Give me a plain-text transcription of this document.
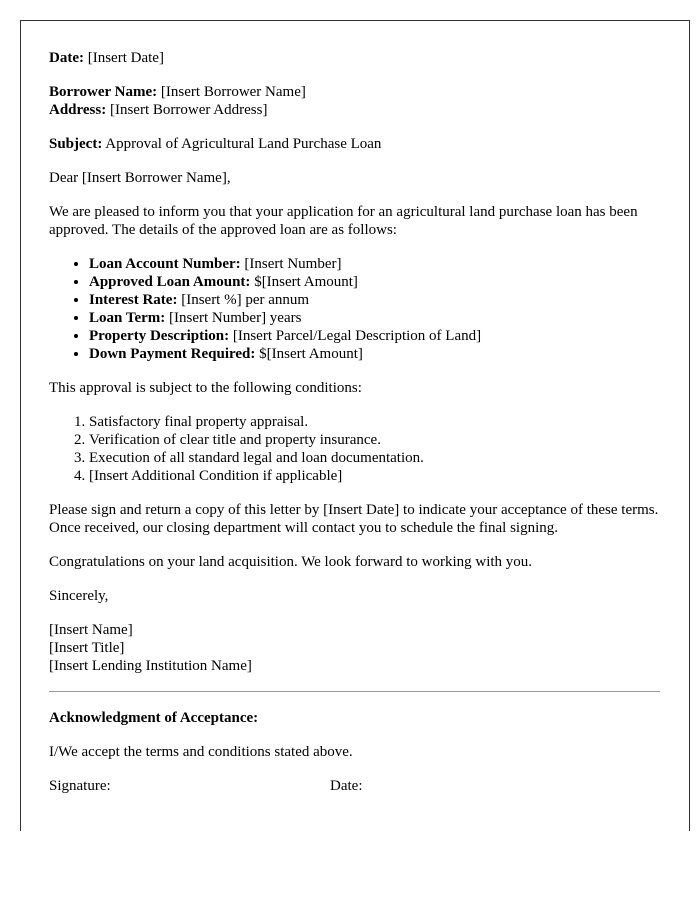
Date: [Insert Date]

Borrower Name: [Insert Borrower Name]
Address: [Insert Borrower Address]

Subject: Approval of Agricultural Land Purchase Loan

Dear [Insert Borrower Name],

We are pleased to inform you that your application for an agricultural land purchase loan has been approved. The details of the approved loan are as follows:

• Loan Account Number: [Insert Number]
• Approved Loan Amount: $[Insert Amount]
• Interest Rate: [Insert %] per annum
• Loan Term: [Insert Number] years
• Property Description: [Insert Parcel/Legal Description of Land]
• Down Payment Required: $[Insert Amount]

This approval is subject to the following conditions:

1. Satisfactory final property appraisal.
2. Verification of clear title and property insurance.
3. Execution of all standard legal and loan documentation.
4. [Insert Additional Condition if applicable]

Please sign and return a copy of this letter by [Insert Date] to indicate your acceptance of these terms. Once received, our closing department will contact you to schedule the final signing.

Congratulations on your land acquisition. We look forward to working with you.

Sincerely,

[Insert Name]
[Insert Title]
[Insert Lending Institution Name]

Acknowledgment of Acceptance:

I/We accept the terms and conditions stated above.

Signature:	Date:
